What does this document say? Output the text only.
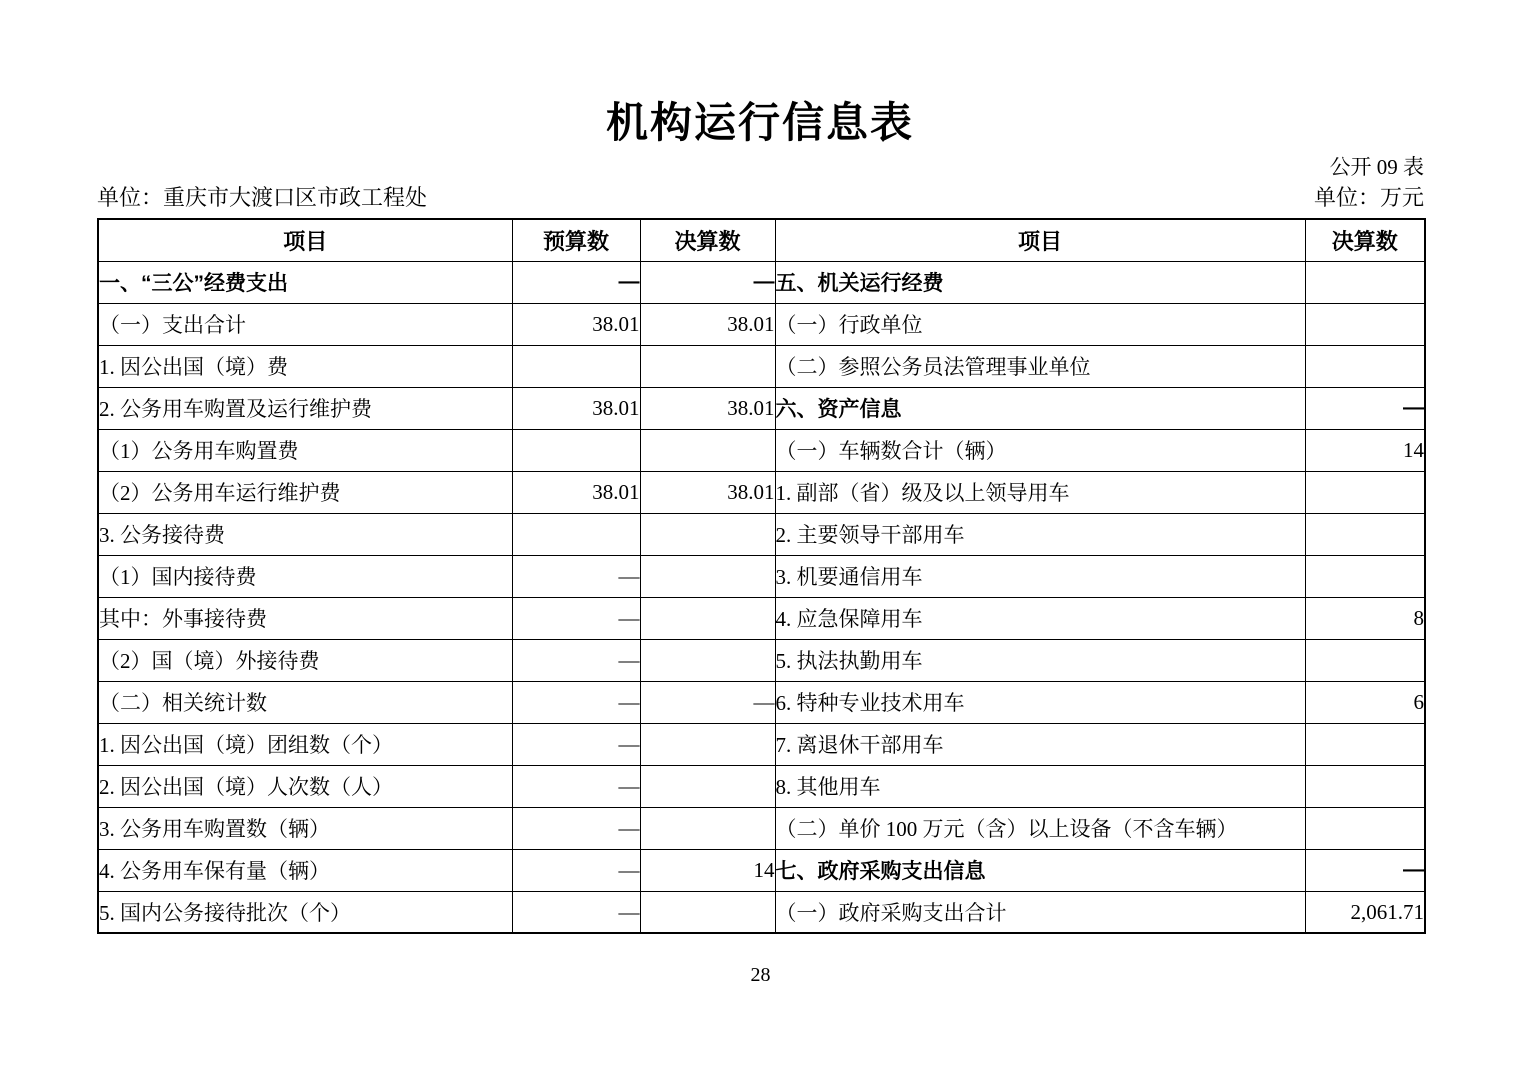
机构运行信息表
公开 09 表
单位：重庆市大渡口区市政工程处	单位：万元
项目	预算数	决算数	项目	决算数
一、“三公”经费支出	—	—	五、机关运行经费	
（一）支出合计	38.01	38.01	（一）行政单位	
1. 因公出国（境）费			（二）参照公务员法管理事业单位	
2. 公务用车购置及运行维护费	38.01	38.01	六、资产信息	—
（1）公务用车购置费			（一）车辆数合计（辆）	14
（2）公务用车运行维护费	38.01	38.01	1. 副部（省）级及以上领导用车	
3. 公务接待费			2. 主要领导干部用车	
（1）国内接待费	—		3. 机要通信用车	
其中：外事接待费	—		4. 应急保障用车	8
（2）国（境）外接待费	—		5. 执法执勤用车	
（二）相关统计数	—	—	6. 特种专业技术用车	6
1. 因公出国（境）团组数（个）	—		7. 离退休干部用车	
2. 因公出国（境）人次数（人）	—		8. 其他用车	
3. 公务用车购置数（辆）	—		（二）单价 100 万元（含）以上设备（不含车辆）	
4. 公务用车保有量（辆）	—	14	七、政府采购支出信息	—
5. 国内公务接待批次（个）	—		（一）政府采购支出合计	2,061.71
28
